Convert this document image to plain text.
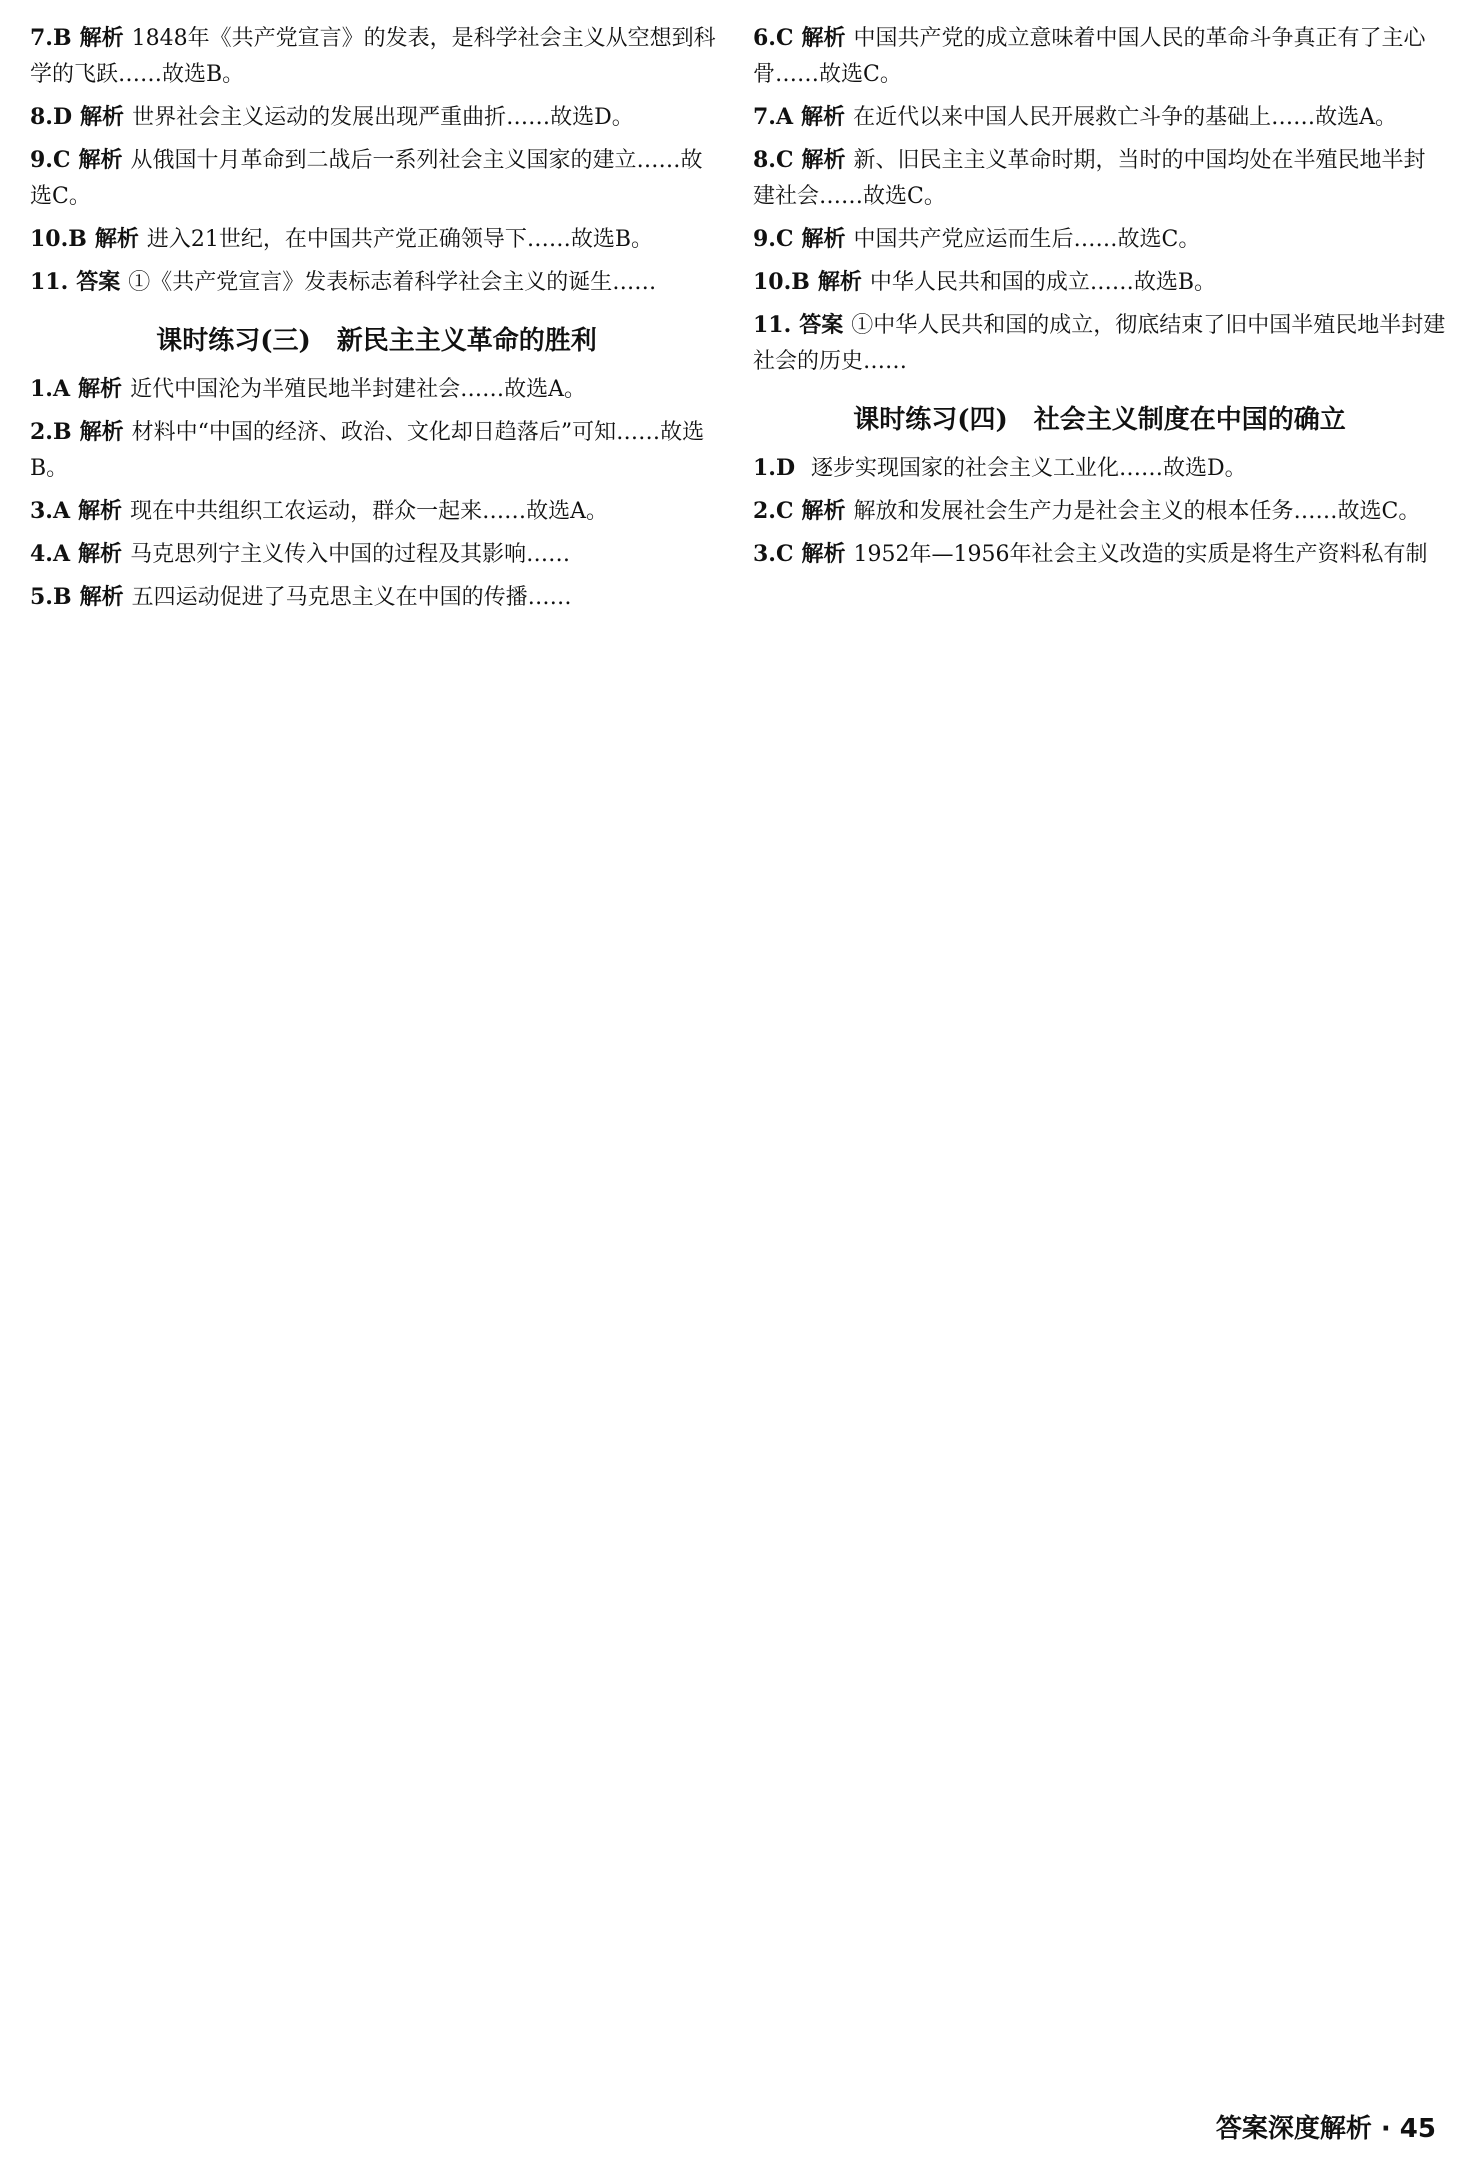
7.B 解析 1848年《共产党宣言》的发表，是科学社会主义从空想到科学的飞跃……故选B。
8.D 解析 世界社会主义运动的发展出现严重曲折……故选D。
9.C 解析 从俄国十月革命到二战后一系列社会主义国家的建立……故选C。
10.B 解析 进入21世纪，在中国共产党正确领导下……故选B。
11. 答案 ①《共产党宣言》发表标志着科学社会主义的诞生……
课时练习(三)　新民主主义革命的胜利
1.A 解析 近代中国沦为半殖民地半封建社会……故选A。
2.B 解析 材料中“中国的经济、政治、文化却日趋落后”可知……故选B。
3.A 解析 现在中共组织工农运动，群众一起来……故选A。
4.A 解析 马克思列宁主义传入中国的过程及其影响……
5.B 解析 五四运动促进了马克思主义在中国的传播……
6.C 解析 中国共产党的成立意味着中国人民的革命斗争真正有了主心骨……故选C。
7.A 解析 在近代以来中国人民开展救亡斗争的基础上……故选A。
8.C 解析 新、旧民主主义革命时期，当时的中国均处在半殖民地半封建社会……故选C。
9.C 解析 中国共产党应运而生后……故选C。
10.B 解析 中华人民共和国的成立……故选B。
11. 答案 ①中华人民共和国的成立，彻底结束了旧中国半殖民地半封建社会的历史……
课时练习(四)　社会主义制度在中国的确立
1.D 逐步实现国家的社会主义工业化……故选D。
2.C 解析 解放和发展社会生产力是社会主义的根本任务……故选C。
3.C 解析 1952年—1956年社会主义改造的实质是将生产资料私有制
答案深度解析 · 45
